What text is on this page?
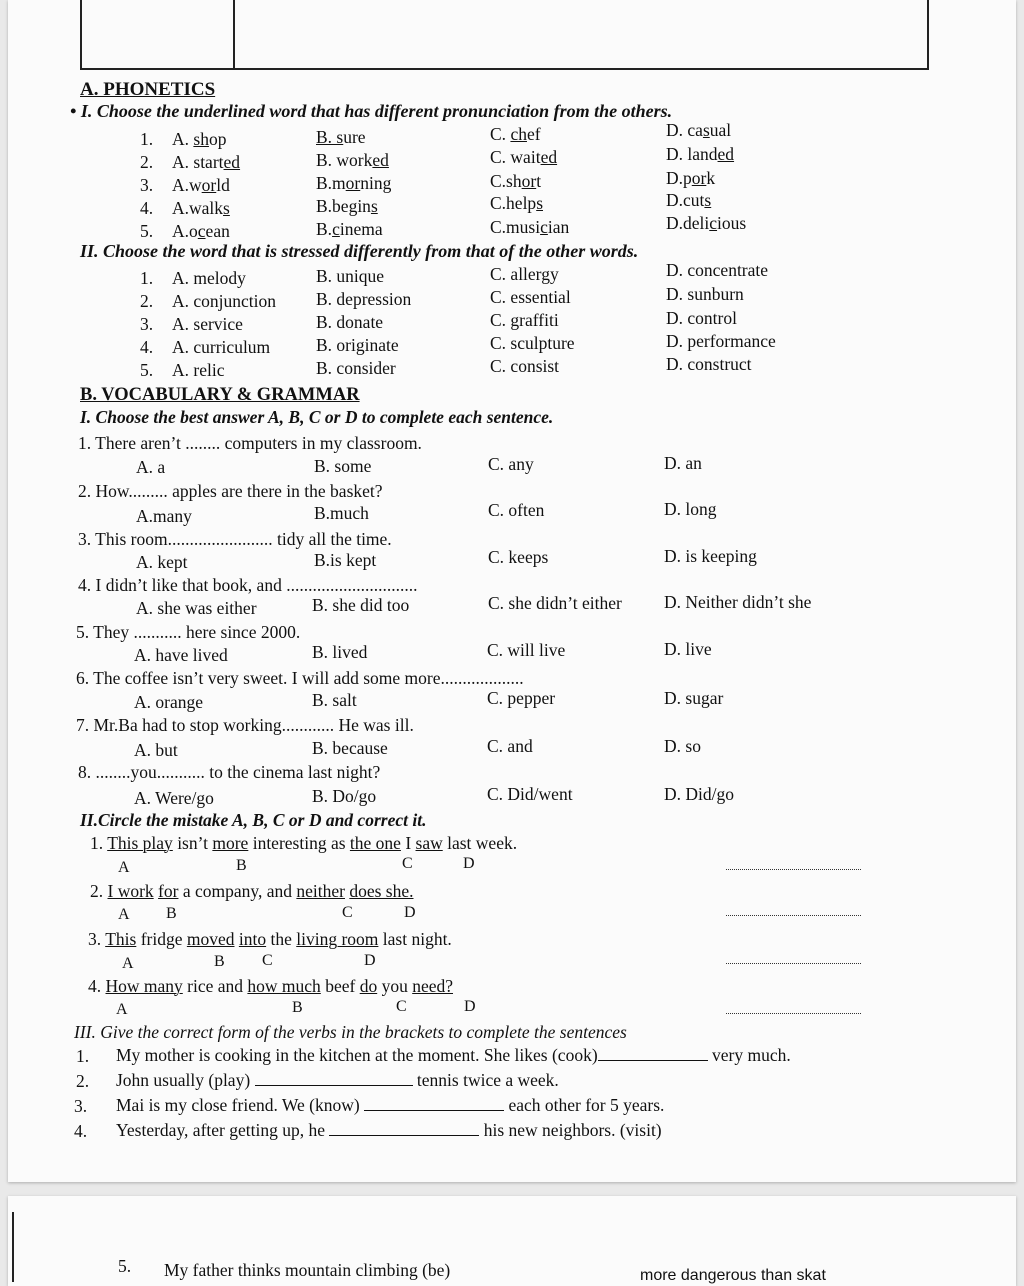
A. PHONETICS
• I. Choose the underlined word that has different pronunciation from the others.
1. A. shop	B. sure	C. chef	D. casual
2. A. started	B. worked	C. waited	D. landed
3. A.world	B.morning	C.short	D.pork
4. A.walks	B.begins	C.helps	D.cuts
5. A.ocean	B.cinema	C.musician	D.delicious
II. Choose the word that is stressed differently from that of the other words.
1. A. melody	B. unique	C. allergy	D. concentrate
2. A. conjunction B. depression	C. essential	D. sunburn
3. A. service	B. donate	C. graffiti	D. control
4. A. curriculum	B. originate	C. sculpture	D. performance
5. A. relic	B. consider	C. consist	D. construct
B. VOCABULARY & GRAMMAR
I. Choose the best answer A, B, C or D to complete each sentence.
1. There aren’t ........ computers in my classroom.
A. a	B. some	C. any	D. an
2. How......... apples are there in the basket?
A.many	B.much	C. often	D. long
3. This room........................ tidy all the time.
A. kept	B.is kept	C. keeps	D. is keeping
4. I didn’t like that book, and ..............................
A. she was either	B. she did too	C. she didn’t either D. Neither didn’t she
5. They ........... here since 2000.
A. have lived	B. lived	C. will live	D. live
6. The coffee isn’t very sweet. I will add some more...................
A. orange	B. salt	C. pepper	D. sugar
7. Mr.Ba had to stop working............ He was ill.
A. but	B. because	C. and	D. so
8. ........you........... to the cinema last night?
A. Were/go	B. Do/go	C. Did/went	D. Did/go
II.Circle the mistake A, B, C or D and correct it.
1. This play isn’t more interesting as the one I saw last week.
A	B	C	D
2. I work for a company, and neither does she.
A B	C	D
3. This fridge moved into the living room last night.
A	B C	D
4. How many rice and how much beef do you need?
A	B	C	D
III. Give the correct form of the verbs in the brackets to complete the sentences
1. My mother is cooking in the kitchen at the moment. She likes (cook)	very much.
2. John usually (play)	tennis twice a week.
3. Mai is my close friend. We (know)	each other for 5 years.
4. Yesterday, after getting up, he	his new neighbors. (visit)
5. My father thinks mountain climbing (be)	more dangerous than skat
